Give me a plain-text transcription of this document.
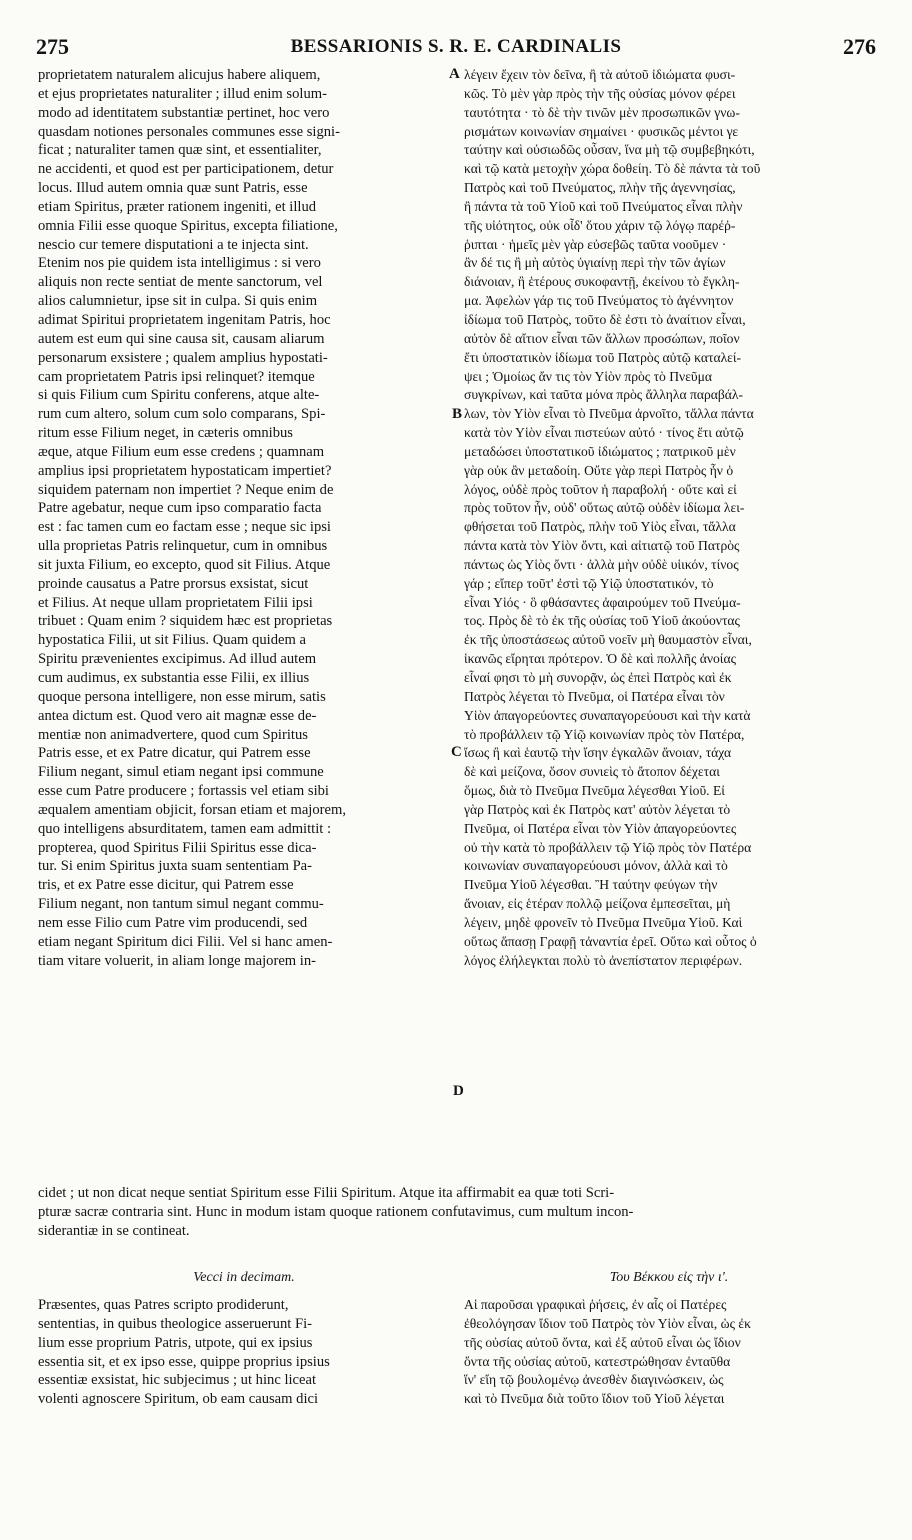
275	BESSARIONIS S. R. E. CARDINALIS	276
A
B
C
D
proprietatem naturalem alicujus habere aliquem,
et ejus proprietates naturaliter ; illud enim solum-
modo ad identitatem substantiæ pertinet, hoc vero
quasdam notiones personales communes esse signi-
ficat ; naturaliter tamen quæ sint, et essentialiter,
ne accidenti, et quod est per participationem, detur
locus. Illud autem omnia quæ sunt Patris, esse
etiam Spiritus, præter rationem ingeniti, et illud
omnia Filii esse quoque Spiritus, excepta filiatione,
nescio cur temere disputationi a te injecta sint.
Etenim nos pie quidem ista intelligimus : si vero
aliquis non recte sentiat de mente sanctorum, vel
alios calumnietur, ipse sit in culpa. Si quis enim
adimat Spiritui proprietatem ingenitam Patris, hoc
autem est eum qui sine causa sit, causam aliarum
personarum exsistere ; qualem amplius hypostati-
cam proprietatem Patris ipsi relinquet? itemque
si quis Filium cum Spiritu conferens, atque alte-
rum cum altero, solum cum solo comparans, Spi-
ritum esse Filium neget, in cæteris omnibus
æque, atque Filium eum esse credens ; quamnam
amplius ipsi proprietatem hypostaticam impertiet?
siquidem paternam non impertiet ? Neque enim de
Patre agebatur, neque cum ipso comparatio facta
est : fac tamen cum eo factam esse ; neque sic ipsi
ulla proprietas Patris relinquetur, cum in omnibus
sit juxta Filium, eo excepto, quod sit Filius. Atque
proinde causatus a Patre prorsus exsistat, sicut
et Filius. At neque ullam proprietatem Filii ipsi
tribuet : Quam enim ? siquidem hæc est proprietas
hypostatica Filii, ut sit Filius. Quam quidem a
Spiritu prævenientes excipimus. Ad illud autem
cum audimus, ex substantia esse Filii, ex illius
quoque persona intelligere, non esse mirum, satis
antea dictum est. Quod vero ait magnæ esse de-
mentiæ non animadvertere, quod cum Spiritus
Patris esse, et ex Patre dicatur, qui Patrem esse
Filium negant, simul etiam negant ipsi commune
esse cum Patre producere ; fortassis vel etiam sibi
æqualem amentiam objicit, forsan etiam et majorem,
quo intelligens absurditatem, tamen eam admittit :
propterea, quod Spiritus Filii Spiritus esse dica-
tur. Si enim Spiritus juxta suam sententiam Pa-
tris, et ex Patre esse dicitur, qui Patrem esse
Filium negant, non tantum simul negant commu-
nem esse Filio cum Patre vim producendi, sed
etiam negant Spiritum dici Filii. Vel si hanc amen-
tiam vitare voluerit, in aliam longe majorem in-
λέγειν ἔχειν τὸν δεῖνα, ἢ τὰ αὐτοῦ ἰδιώματα φυσι-
κῶς. Τὸ μὲν γὰρ πρὸς τὴν τῆς οὐσίας μόνον φέρει
ταυτότητα · τὸ δὲ τὴν τινῶν μὲν προσωπικῶν γνω-
ρισμάτων κοινωνίαν σημαίνει · φυσικῶς μέντοι γε
ταύτην καὶ οὐσιωδῶς οὖσαν, ἵνα μὴ τῷ συμβεβηκότι,
καὶ τῷ κατὰ μετοχὴν χώρα δοθείη. Τὸ δὲ πάντα τὰ τοῦ
Πατρὸς καὶ τοῦ Πνεύματος, πλὴν τῆς ἀγεννησίας,
ἢ πάντα τὰ τοῦ Υἱοῦ καὶ τοῦ Πνεύματος εἶναι πλὴν
τῆς υἱότητος, οὐκ οἶδ' ὅτου χάριν τῷ λόγῳ παρέῤ-
ῥιπται · ἡμεῖς μὲν γὰρ εὐσεβῶς ταῦτα νοοῦμεν ·
ἂν δέ τις ἢ μὴ αὐτὸς ὑγιαίνῃ περὶ τὴν τῶν ἁγίων
διάνοιαν, ἢ ἑτέρους συκοφαντῇ, ἐκείνου τὸ ἔγκλη-
μα. Ἀφελὼν γάρ τις τοῦ Πνεύματος τὸ ἀγέννητον
ἰδίωμα τοῦ Πατρὸς, τοῦτο δὲ ἐστι τὸ ἀναίτιον εἶναι,
αὐτὸν δὲ αἴτιον εἶναι τῶν ἄλλων προσώπων, ποῖον
ἔτι ὑποστατικὸν ἰδίωμα τοῦ Πατρὸς αὐτῷ καταλεί-
ψει ; Ὁμοίως ἄν τις τὸν Υἱὸν πρὸς τὸ Πνεῦμα
συγκρίνων, καὶ ταῦτα μόνα πρὸς ἄλληλα παραβάλ-
λων, τὸν Υἱὸν εἶναι τὸ Πνεῦμα ἀρνοῖτο, τἄλλα πάντα
κατὰ τὸν Υἱὸν εἶναι πιστεύων αὐτό · τίνος ἔτι αὐτῷ
μεταδώσει ὑποστατικοῦ ἰδιώματος ; πατρικοῦ μὲν
γὰρ οὐκ ἂν μεταδοίη. Οὔτε γὰρ περὶ Πατρὸς ἦν ὁ
λόγος, οὐδὲ πρὸς τοῦτον ἡ παραβολή · οὔτε καὶ εἰ
πρὸς τοῦτον ἦν, οὐδ' οὕτως αὐτῷ οὐδὲν ἰδίωμα λει-
φθήσεται τοῦ Πατρὸς, πλὴν τοῦ Υἱὸς εἶναι, τἄλλα
πάντα κατὰ τὸν Υἱὸν ὄντι, καὶ αἰτιατῷ τοῦ Πατρὸς
πάντως ὡς Υἱὸς ὄντι · ἀλλὰ μὴν οὐδὲ υἱικόν, τίνος
γάρ ; εἴπερ τοῦτ' ἐστὶ τῷ Υἱῷ ὑποστατικόν, τὸ
εἶναι Υἱός · ὃ φθάσαντες ἀφαιρούμεν τοῦ Πνεύμα-
τος. Πρὸς δὲ τὸ ἐκ τῆς οὐσίας τοῦ Υἱοῦ ἀκούοντας
ἐκ τῆς ὑποστάσεως αὐτοῦ νοεῖν μὴ θαυμαστὸν εἶναι,
ἱκανῶς εἴρηται πρότερον. Ὁ δὲ καὶ πολλῆς ἀνοίας
εἶναί φησι τὸ μὴ συνορᾷν, ὡς ἐπεὶ Πατρὸς καὶ ἐκ
Πατρὸς λέγεται τὸ Πνεῦμα, οἱ Πατέρα εἶναι τὸν
Υἱὸν ἀπαγορεύοντες συναπαγορεύουσι καὶ τὴν κατὰ
τὸ προβάλλειν τῷ Υἱῷ κοινωνίαν πρὸς τὸν Πατέρα,
ἴσως ἢ καὶ ἑαυτῷ τὴν ἴσην ἐγκαλῶν ἄνοιαν, τάχα
δὲ καὶ μείζονα, ὅσον συνιεὶς τὸ ἄτοπον δέχεται
ὅμως, διὰ τὸ Πνεῦμα Πνεῦμα λέγεσθαι Υἱοῦ. Εἰ
γὰρ Πατρὸς καὶ ἐκ Πατρὸς κατ' αὐτὸν λέγεται τὸ
Πνεῦμα, οἱ Πατέρα εἶναι τὸν Υἱὸν ἀπαγορεύοντες
οὐ τὴν κατὰ τὸ προβάλλειν τῷ Υἱῷ πρὸς τὸν Πατέρα
κοινωνίαν συναπαγορεύουσι μόνον, ἀλλὰ καὶ τὸ
Πνεῦμα Υἱοῦ λέγεσθαι. Ἢ ταύτην φεύγων τὴν
ἄνοιαν, εἰς ἑτέραν πολλῷ μείζονα ἐμπεσεῖται, μὴ
λέγειν, μηδὲ φρονεῖν τὸ Πνεῦμα Πνεῦμα Υἱοῦ. Καὶ
οὕτως ἅπασῃ Γραφῇ τἀναντία ἐρεῖ. Οὕτω καὶ οὗτος ὁ
λόγος ἐλήλεγκται πολὺ τὸ ἀνεπίστατον περιφέρων.
cidet ; ut non dicat neque sentiat Spiritum esse Filii Spiritum. Atque ita affirmabit ea quæ toti Scri-
pturæ sacræ contraria sint. Hunc in modum istam quoque rationem confutavimus, cum multum incon-
siderantiæ in se contineat.
Vecci in decimam.	Του Βέκκου εἰς τὴν ι'.
Præsentes, quas Patres scripto prodiderunt,
sententias, in quibus theologice asseruerunt Fi-
lium esse proprium Patris, utpote, qui ex ipsius
essentia sit, et ex ipso esse, quippe proprius ipsius
essentiæ exsistat, hic subjecimus ; ut hinc liceat
volenti agnoscere Spiritum, ob eam causam dici
Αἱ παροῦσαι γραφικαὶ ῥήσεις, ἐν αἷς οἱ Πατέρες
ἐθεολόγησαν ἴδιον τοῦ Πατρὸς τὸν Υἱὸν εἶναι, ὡς ἐκ
τῆς οὐσίας αὐτοῦ ὄντα, καὶ ἐξ αὐτοῦ εἶναι ὡς ἴδιον
ὄντα τῆς οὐσίας αὐτοῦ, κατεστρώθησαν ἐνταῦθα
ἵν' εἴη τῷ βουλομένῳ ἀνεσθὲν διαγινώσκειν, ὡς
καὶ τὸ Πνεῦμα διὰ τοῦτο ἴδιον τοῦ Υἱοῦ λέγεται
